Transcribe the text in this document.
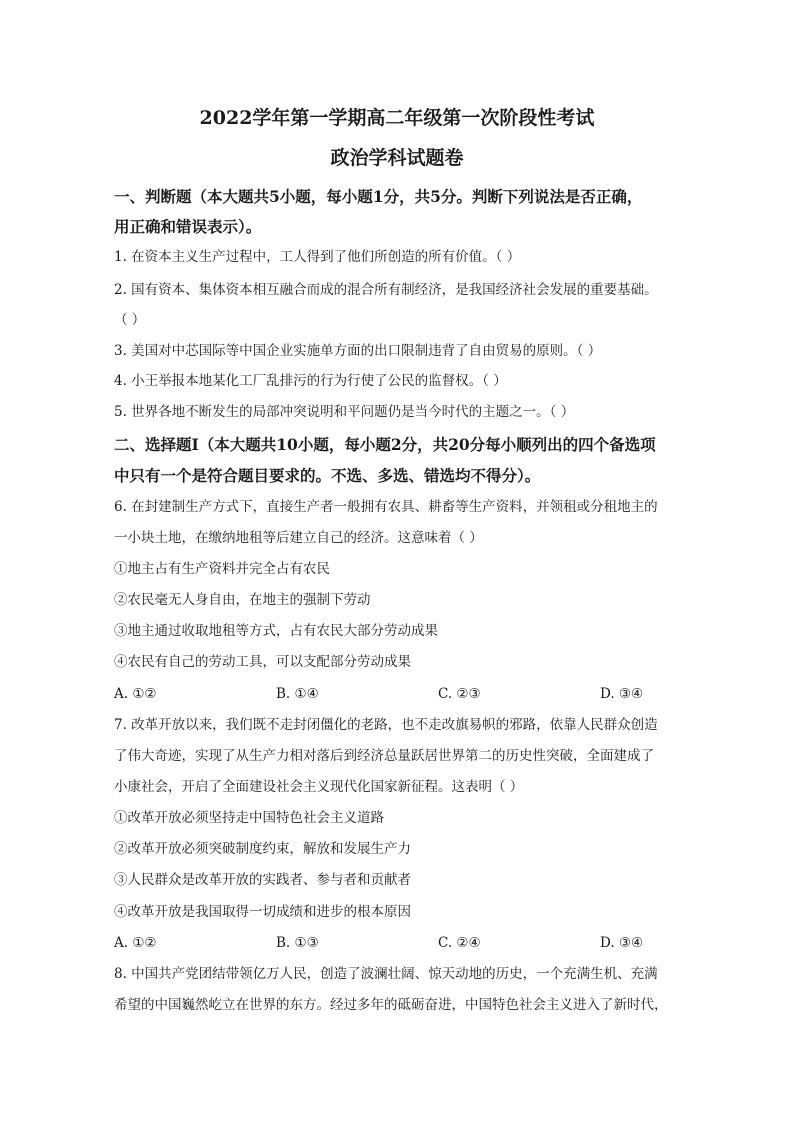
2022学年第一学期高二年级第一次阶段性考试
政治学科试题卷
一、判断题（本大题共5小题，每小题1分，共5分。判断下列说法是否正确，
用正确和错误表示）。
1. 在资本主义生产过程中，工人得到了他们所创造的所有价值。（ ）
2. 国有资本、集体资本相互融合而成的混合所有制经济，是我国经济社会发展的重要基础。
（ ）
3. 美国对中芯国际等中国企业实施单方面的出口限制违背了自由贸易的原则。（ ）
4. 小王举报本地某化工厂乱排污的行为行使了公民的监督权。（ ）
5. 世界各地不断发生的局部冲突说明和平问题仍是当今时代的主题之一。（ ）
二、选择题Ⅰ（本大题共10小题，每小题2分，共20分每小顺列出的四个备选项
中只有一个是符合题目要求的。不选、多选、错选均不得分）。
6. 在封建制生产方式下，直接生产者一般拥有农具、耕畜等生产资料，并领租或分租地主的
一小块土地，在缴纳地租等后建立自己的经济。这意味着（ ）
①地主占有生产资料并完全占有农民
②农民毫无人身自由，在地主的强制下劳动
③地主通过收取地租等方式，占有农民大部分劳动成果
④农民有自己的劳动工具，可以支配部分劳动成果
A. ①②	B. ①④	C. ②③	D. ③④
7. 改革开放以来，我们既不走封闭僵化的老路，也不走改旗易帜的邪路，依靠人民群众创造
了伟大奇迹，实现了从生产力相对落后到经济总量跃居世界第二的历史性突破，全面建成了
小康社会，开启了全面建设社会主义现代化国家新征程。这表明（ ）
①改革开放必须坚持走中国特色社会主义道路
②改革开放必须突破制度约束，解放和发展生产力
③人民群众是改革开放的实践者、参与者和贡献者
④改革开放是我国取得一切成绩和进步的根本原因
A. ①②	B. ①③	C. ②④	D. ③④
8. 中国共产党团结带领亿万人民，创造了波澜壮阔、惊天动地的历史，一个充满生机、充满
希望的中国巍然屹立在世界的东方。经过多年的砥砺奋进，中国特色社会主义进入了新时代，
